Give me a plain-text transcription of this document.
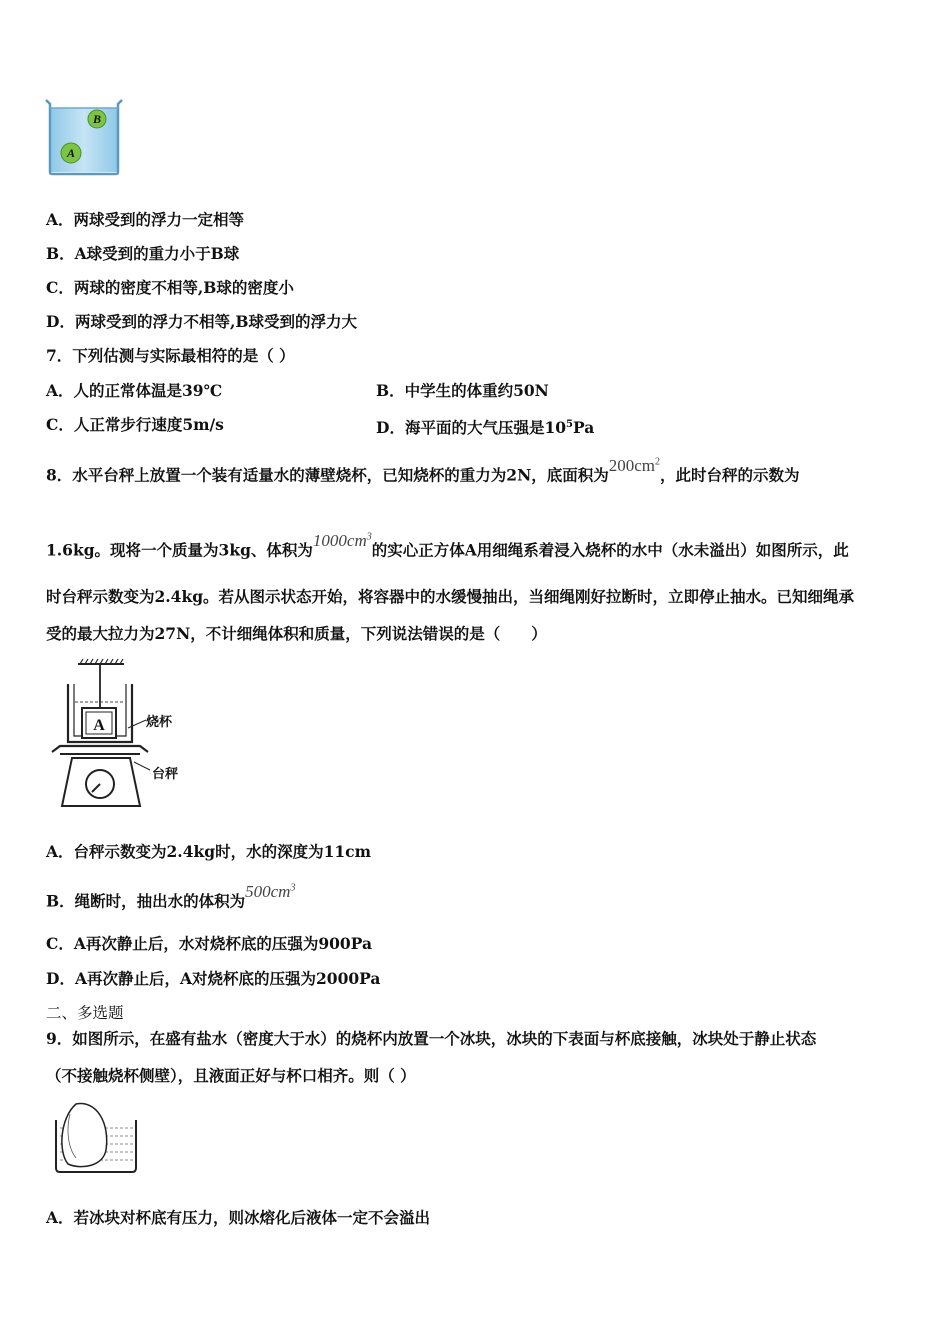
B
A
A．两球受到的浮力一定相等
B．A球受到的重力小于B球
C．两球的密度不相等,B球的密度小
D．两球受到的浮力不相等,B球受到的浮力大
7．下列估测与实际最相符的是（ ）
A．人的正常体温是39℃	B．中学生的体重约50N
C．人正常步行速度5m/s	D．海平面的大气压强是$10^5Pa$
8．水平台秤上放置一个装有适量水的薄壁烧杯，已知烧杯的重力为2N，底面积为$200cm^2$，此时台秤的示数为
1.6kg。现将一个质量为3kg、体积为$1000cm^3$的实心正方体A用细绳系着浸入烧杯的水中（水未溢出）如图所示，此
时台秤示数变为2.4kg。若从图示状态开始，将容器中的水缓慢抽出，当细绳刚好拉断时，立即停止抽水。已知细绳承
受的最大拉力为27N，不计细绳体积和质量，下列说法错误的是（　　）
A	烧杯
台秤
A．台秤示数变为2.4kg时，水的深度为11cm
B．绳断时，抽出水的体积为$500cm^3$
C．A再次静止后，水对烧杯底的压强为900Pa
D．A再次静止后，A对烧杯底的压强为2000Pa
二、多选题
9．如图所示，在盛有盐水（密度大于水）的烧杯内放置一个冰块，冰块的下表面与杯底接触，冰块处于静止状态
（不接触烧杯侧壁），且液面正好与杯口相齐。则（ ）
A．若冰块对杯底有压力，则冰熔化后液体一定不会溢出
